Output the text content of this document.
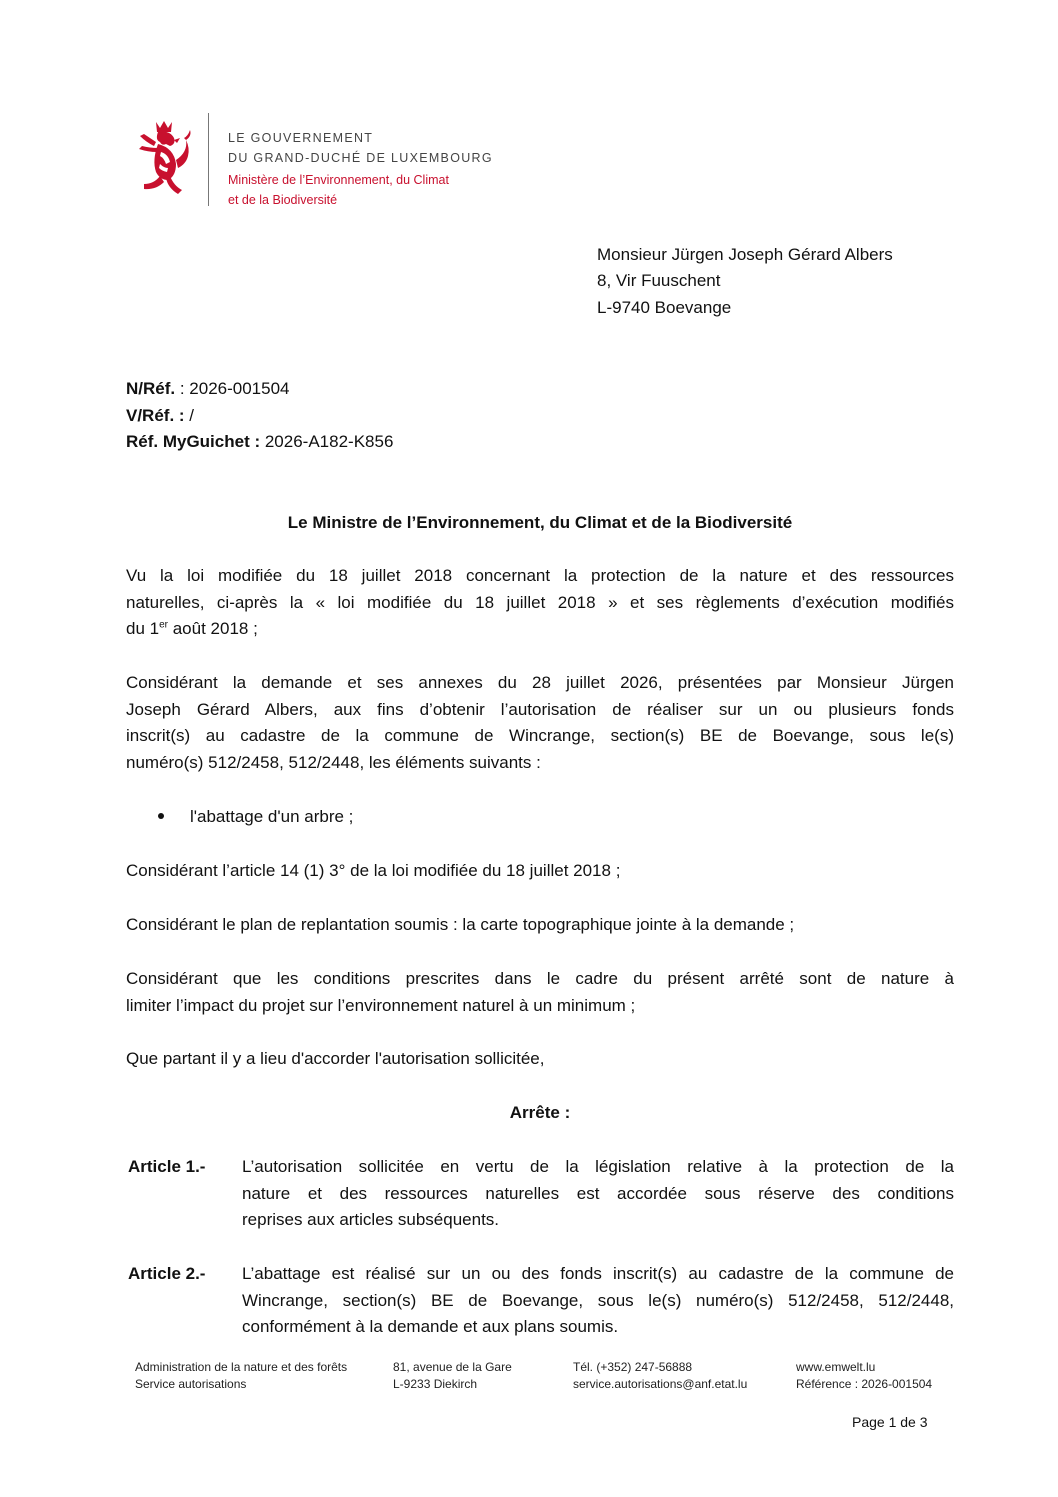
LE GOUVERNEMENT
DU GRAND-DUCHÉ DE LUXEMBOURG
Ministère de l’Environnement, du Climat
et de la Biodiversité
Monsieur Jürgen Joseph Gérard Albers
8, Vir Fuuschent
L-9740 Boevange
N/Réf. : 2026-001504
V/Réf. : /
Réf. MyGuichet : 2026-A182-K856
Le Ministre de l’Environnement, du Climat et de la Biodiversité
Vu la loi modifiée du 18 juillet 2018 concernant la protection de la nature et des ressources
naturelles, ci-après la « loi modifiée du 18 juillet 2018 » et ses règlements d’exécution modifiés
du 1er août 2018 ;
Considérant la demande et ses annexes du 28 juillet 2026, présentées par Monsieur Jürgen
Joseph Gérard Albers, aux fins d’obtenir l’autorisation de réaliser sur un ou plusieurs fonds
inscrit(s) au cadastre de la commune de Wincrange, section(s) BE de Boevange, sous le(s)
numéro(s) 512/2458, 512/2448, les éléments suivants :
l'abattage d'un arbre ;
Considérant l’article 14 (1) 3° de la loi modifiée du 18 juillet 2018 ;
Considérant le plan de replantation soumis : la carte topographique jointe à la demande ;
Considérant que les conditions prescrites dans le cadre du présent arrêté sont de nature à
limiter l’impact du projet sur l’environnement naturel à un minimum ;
Que partant il y a lieu d'accorder l'autorisation sollicitée,
Arrête :
Article 1.- L’autorisation sollicitée en vertu de la législation relative à la protection de la
nature et des ressources naturelles est accordée sous réserve des conditions
reprises aux articles subséquents.
Article 2.- L’abattage est réalisé sur un ou des fonds inscrit(s) au cadastre de la commune de
Wincrange, section(s) BE de Boevange, sous le(s) numéro(s) 512/2458, 512/2448,
conformément à la demande et aux plans soumis.
Administration de la nature et des forêts
Service autorisations
81, avenue de la Gare
L-9233 Diekirch
Tél. (+352) 247-56888
service.autorisations@anf.etat.lu
www.emwelt.lu
Référence : 2026-001504
Page 1 de 3
